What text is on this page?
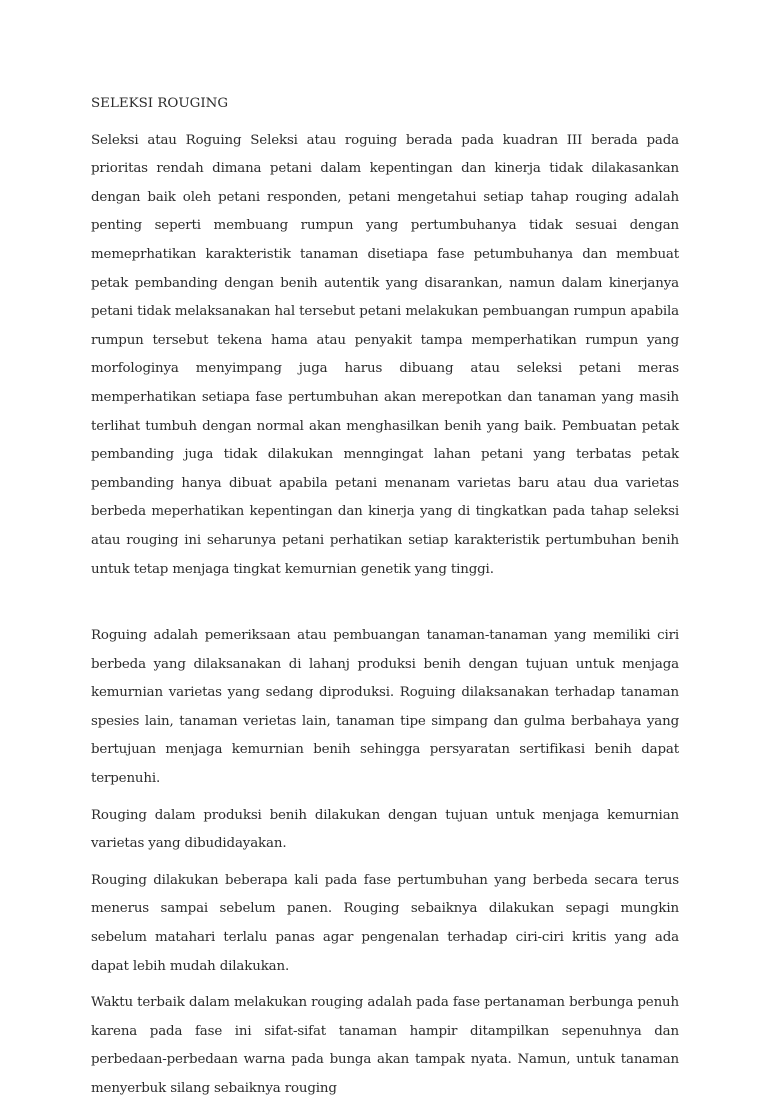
SELEKSI ROUGING

Seleksi atau Roguing Seleksi atau roguing berada pada kuadran III berada pada prioritas rendah dimana petani dalam kepentingan dan kinerja tidak dilakasankan dengan baik oleh petani responden, petani mengetahui setiap tahap rouging adalah penting seperti membuang rumpun yang pertumbuhanya tidak sesuai dengan memeprhatikan karakteristik tanaman disetiapa fase petumbuhanya dan membuat petak pembanding dengan benih autentik yang disarankan, namun dalam kinerjanya petani tidak melaksanakan hal tersebut petani melakukan pembuangan rumpun apabila rumpun tersebut tekena hama atau penyakit tampa memperhatikan rumpun yang morfologinya menyimpang juga harus dibuang atau seleksi petani meras memperhatikan setiapa fase pertumbuhan akan merepotkan dan tanaman yang masih terlihat tumbuh dengan normal akan menghasilkan benih yang baik. Pembuatan petak pembanding juga tidak dilakukan menngingat lahan petani yang terbatas petak pembanding hanya dibuat apabila petani menanam varietas baru atau dua varietas berbeda meperhatikan kepentingan dan kinerja yang di tingkatkan pada tahap seleksi atau rouging ini seharunya petani perhatikan setiap karakteristik pertumbuhan benih untuk tetap menjaga tingkat kemurnian genetik yang tinggi.

Roguing adalah pemeriksaan atau pembuangan tanaman-tanaman yang memiliki ciri berbeda yang dilaksanakan di lahanj produksi benih dengan tujuan untuk menjaga kemurnian varietas yang sedang diproduksi. Roguing dilaksanakan terhadap tanaman spesies lain, tanaman verietas lain, tanaman tipe simpang dan gulma berbahaya yang bertujuan menjaga kemurnian benih sehingga persyaratan sertifikasi benih dapat terpenuhi.

Rouging dalam produksi benih dilakukan dengan tujuan untuk menjaga kemurnian varietas yang dibudidayakan.

Rouging dilakukan beberapa kali pada fase pertumbuhan yang berbeda secara terus menerus sampai sebelum panen. Rouging sebaiknya dilakukan sepagi mungkin sebelum matahari terlalu panas agar pengenalan terhadap ciri-ciri kritis yang ada dapat lebih mudah dilakukan.

Waktu terbaik dalam melakukan rouging adalah pada fase pertanaman berbunga penuh karena pada fase ini sifat-sifat tanaman hampir ditampilkan sepenuhnya dan perbedaan-perbedaan warna pada bunga akan tampak nyata. Namun, untuk tanaman menyerbuk silang sebaiknya rouging
